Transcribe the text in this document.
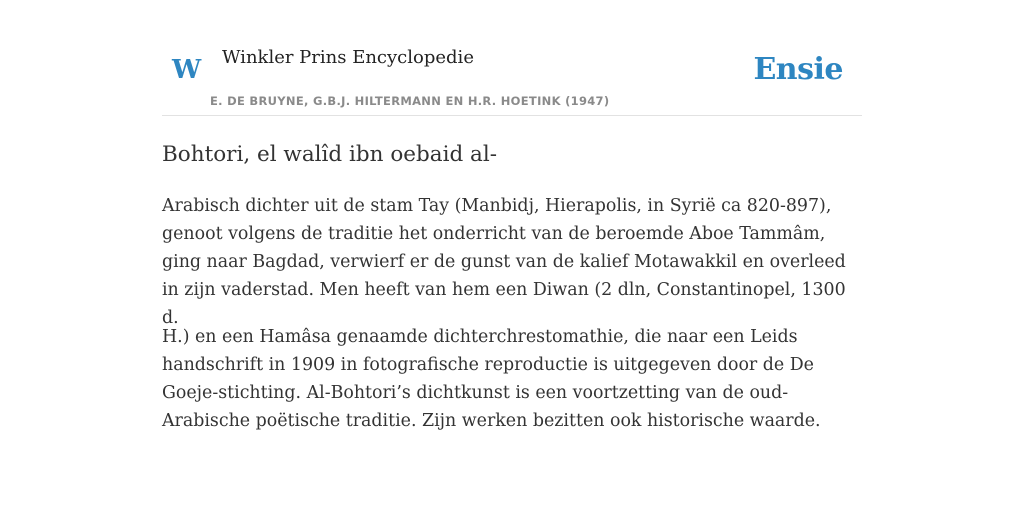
W Winkler Prins Encyclopedie
E. DE BRUYNE, G.B.J. HILTERMANN EN H.R. HOETINK (1947)
Ensie
Bohtori, el walîd ibn oebaid al-

Arabisch dichter uit de stam Tay (Manbidj, Hierapolis, in Syrië ca 820-897), genoot volgens de traditie het onderricht van de beroemde Aboe Tammâm, ging naar Bagdad, verwierf er de gunst van de kalief Motawakkil en overleed in zijn vaderstad. Men heeft van hem een Diwan (2 dln, Constantinopel, 1300 d.

H.) en een Hamâsa genaamde dichterchrestomathie, die naar een Leids handschrift in 1909 in fotografische reproductie is uitgegeven door de De Goeje-stichting. Al-Bohtori’s dichtkunst is een voortzetting van de oud-Arabische poëtische traditie. Zijn werken bezitten ook historische waarde.
